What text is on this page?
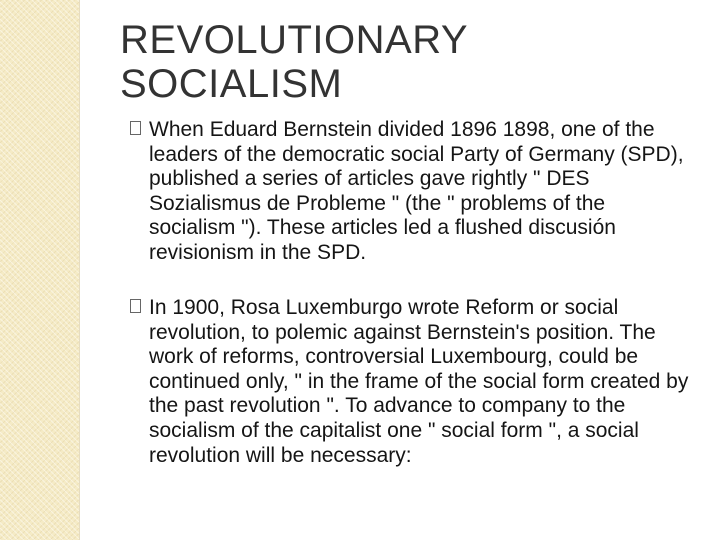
REVOLUTIONARY
SOCIALISM
When Eduard Bernstein divided 1896 1898, one of the leaders of the democratic social Party of Germany (SPD), published a series of articles gave rightly " DES Sozialismus de Probleme " (the " problems of the socialism "). These articles led a flushed discusión revisionism in the SPD.
In 1900, Rosa Luxemburgo wrote Reform or social revolution, to polemic against Bernstein's position. The work of reforms, controversial Luxembourg, could be continued only, " in the frame of the social form created by the past revolution ". To advance to company to the socialism of the capitalist one " social form ", a social revolution will be necessary:
